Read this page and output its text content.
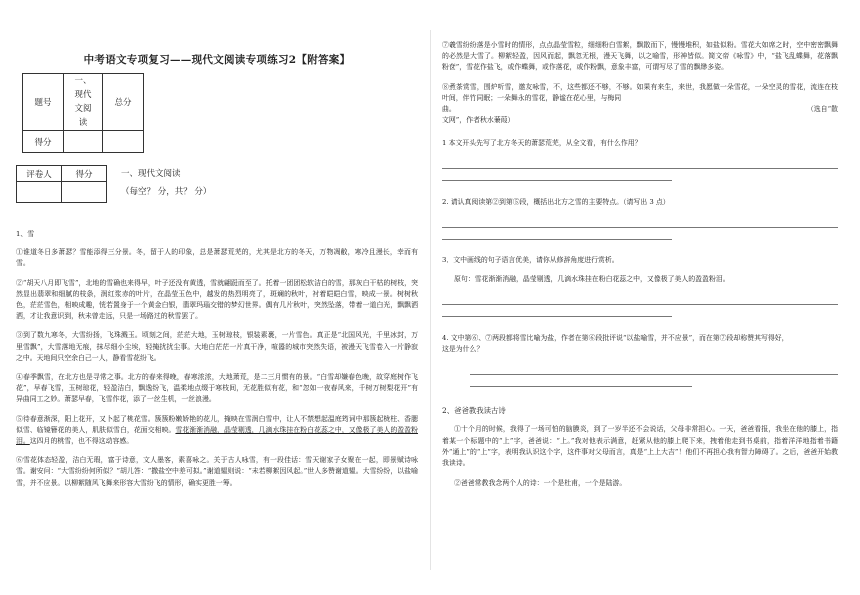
中考语文专项复习——现代文阅读专项练习2【附答案】
题号	一、现代文阅读	总分
得分		
评卷人	得分
		一、现代文阅读
（每空？ 分，共？ 分）

1、雪

①谁道冬日多萧瑟？雪能添得三分景。冬，留于人的印象，总是萧瑟荒芜的，尤其是北方的冬天，万物凋敝，寒冷且漫长，幸而有雪。

②“胡天八月即飞雪”，北地的雪确也来得早，叶子还没有黄透，雪就翩跹而至了。托着一团团松软洁白的雪，那灰白干枯的树枝，突然显出翡翠和细腻的枝条，润红浆赤的叶片，在晶莹玉色中，越发的热烈明亮了，斑斓的秋叶，衬着皑皑白雪，映成一景。树树秋色，茫茫雪色，相映成趣，恍若置身于一个黄金白银，翡翠玛瑙交错的梦幻世界。偶有几片秋叶，突然坠落，带着一道白光，飘飘洒洒，才让我意识到，秋未曾走远，只是一场路过的秋雪罢了。

③到了数九寒冬，大雪纷扬，飞珠溅玉。顷刻之间，茫茫大地，玉树琼枝，银装素裹，一片雪色。真正是“北国风光，千里冰封，万里雪飘”，大雪落地无痕，抹尽细小尘埃，轻掩扰扰尘事。大地白茫茫一片真干净，喧嚣的城市突然失语，被漫天飞雪卷入一片静寂之中。天地间只空余白己一人，静看雪花纷飞。

④春季飘雪，在北方也是寻常之事。北方的春来得晚，春寒浓浓，大地萧荒，是二三月惯有的景。“白雪却嫌春色晚，故穿庭树作飞花”，早春飞雪，玉树琼花，轻盈洁白，飘逸纷飞，温柔地点缀于寒枝间，无花胜似有花，和“忽如一夜春风来，千树万树梨花开”有异曲同工之妙。萧瑟早春，飞雪作花，添了一丝生机，一丝浪漫。

⑤待春意渐深，阳上花开，又卜起了桃花雪。簇簇粉嫩娇艳的花儿，掩映在雪润白雪中，让人不禁想起温庭筠词中那簇起栊柱、香腮似雪、临镜簪花的美人，肌肤似雪白，花面交相映。雪花渐渐消融，晶莹剔透，几滴水珠挂在粉白花蕊之中，又像极了美人的盈盈粉泪。这四月的桃雪，也不得这动容感。

⑥雪花体态轻盈，洁白无瑕，富于诗意，文人墨客，素喜咏之。关于古人咏雪，有一段佳话：雪天谢家子女聚在一起，即景赋诗咏雪。谢安问：“大雪纷纷何所似？”胡儿答：“撒盐空中差可拟。”谢道韫则说：“未若柳絮因风起。”世人多赞谢道韫。大雪纷纷，以盐喻雪，并不应景。以柳絮随风飞舞来形容大雪纷飞的情形，确实更胜一筹。

⑦羲雪纷纷落是小雪时的情形，点点晶莹雪粒，细细粉白雪絮，飘散而下，慢慢堆积，如盐似粉。雪花大如席之时，空中密密飘舞的必然是大雪了。柳絮轻盈，因风而起，飘忽无根，漫天飞舞，以之喻雪，形神皆似。简文帝《咏雪》中，“盐飞乱蝶舞，花落飘粉奁”，雪花作盐飞，或作蝶舞，或作落花，或作粉飘，意象丰富，可谓写尽了雪的飘缈多姿。

⑧煮茶赏雪，围炉听雪，邀友咏雪，不，这些都还不够，不够。如果有来生，来世，我愿做一朵雪花，一朵空灵的雪花，流连在枝叶间，伴竹同眠；一朵舞永的雪花，静谧在花心里，与梅同

曲。	（选自“散

文网”，作者秋水蒹葭）

1 本文开头先写了北方冬天的萧瑟荒芜，从全文看，有什么作用？

2. 请认真阅读第②到第⑤段，概括出北方之雪的主要特点。（请写出 3 点）

3．文中画线的句子语言优美，请你从修辞角度进行赏析。

原句：雪花渐渐消融，晶莹剔透，几滴水珠挂在粉白花蕊之中，又像极了美人的盈盈粉泪。

4. 文中第⑥、⑦两段都将雪比喻为盐，作者在第⑥段批评说“以盐喻雪，并不应景”，而在第⑦段却称赞其写得好，

这是为什么？

2、爸爸教我读古诗

①十个月的时候，我得了一场可怕的脑膜炎，到了一岁半还不会说话，父母非常担心。一天，爸爸看报，我坐在他的膝上，指着某一个标题中的“上”字，爸爸说：“上。”我对他表示满意，赶紧从他的膝上爬下来，拽着他走到书桌前，指着洋洋地指着书籍外“通上”的“上”字，表明我认识这个字，这件事对父母而言，真是“上上大吉”！他们不再担心我有智力障碍了。之后，爸爸开始教我读诗。

②爸爸常教我念两个人的诗：一个是杜甫，一个是陆游。
